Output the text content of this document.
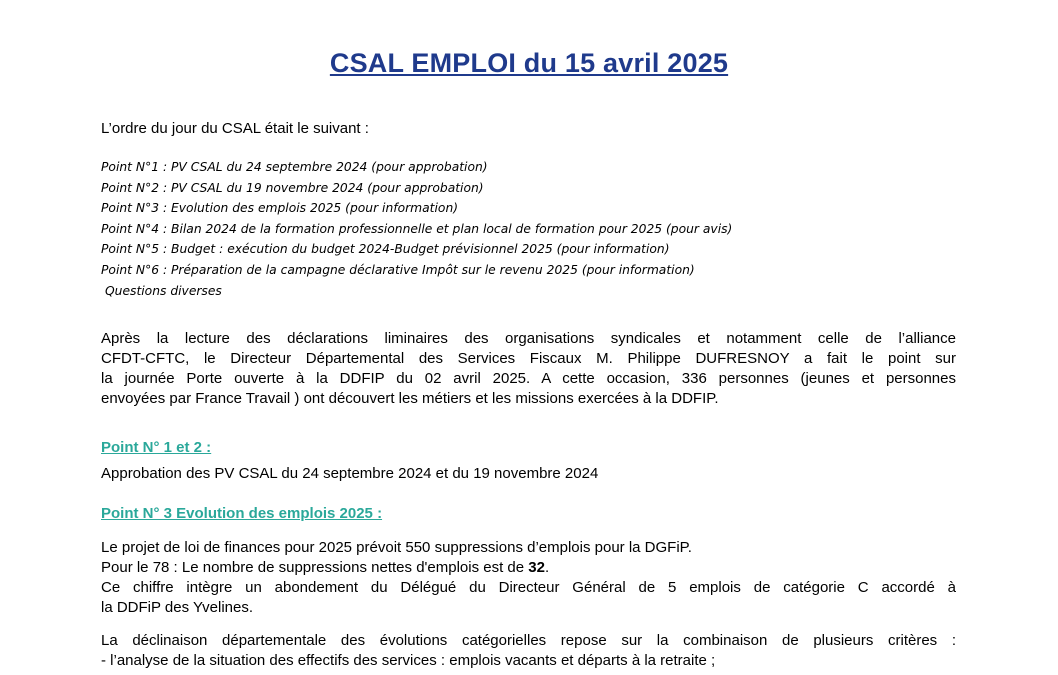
CSAL EMPLOI du 15 avril 2025
L’ordre du jour du CSAL était le suivant :
Point N°1 : PV CSAL du 24 septembre 2024 (pour approbation)
Point N°2 : PV CSAL du 19 novembre 2024 (pour approbation)
Point N°3 : Evolution des emplois 2025 (pour information)
Point N°4 : Bilan 2024 de la formation professionnelle et plan local de formation pour 2025 (pour avis)
Point N°5 : Budget : exécution du budget 2024-Budget prévisionnel 2025 (pour information)
Point N°6 : Préparation de la campagne déclarative Impôt sur le revenu 2025 (pour information)
Questions diverses
Après la lecture des déclarations liminaires des organisations syndicales et notamment celle de l’alliance
CFDT-CFTC, le Directeur Départemental des Services Fiscaux M. Philippe DUFRESNOY a fait le point sur
la journée Porte ouverte à la DDFIP du 02 avril 2025. A cette occasion, 336 personnes (jeunes et personnes
envoyées par France Travail ) ont découvert les métiers et les missions exercées à la DDFIP.
Point N° 1 et 2 :
Approbation des PV CSAL du 24 septembre 2024 et du 19 novembre 2024
Point N° 3 Evolution des emplois 2025 :
Le projet de loi de finances pour 2025 prévoit 550 suppressions d’emplois pour la DGFiP.
Pour le 78 : Le nombre de suppressions nettes d'emplois est de 32.
Ce chiffre intègre un abondement du Délégué du Directeur Général de 5 emplois de catégorie C accordé à
la DDFiP des Yvelines.
La déclinaison départementale des évolutions catégorielles repose sur la combinaison de plusieurs critères :
- l’analyse de la situation des effectifs des services : emplois vacants et départs à la retraite ;
